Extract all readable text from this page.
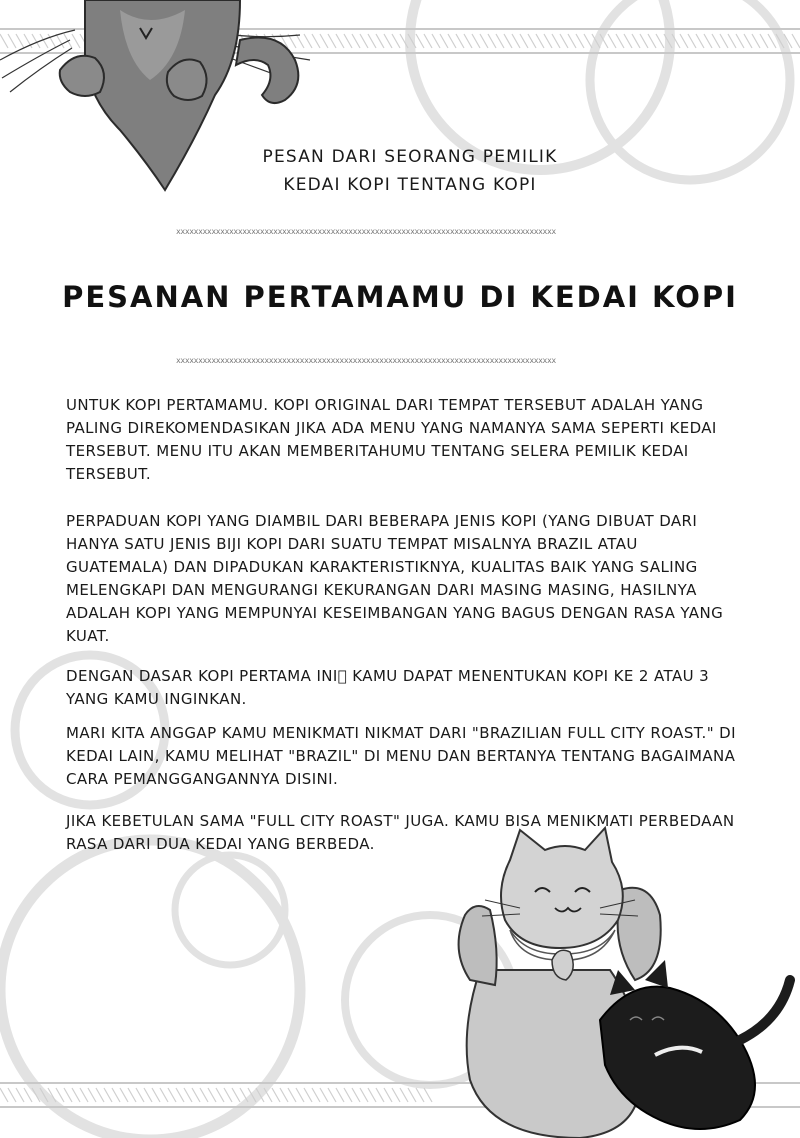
PESAN DARI SEORANG PEMILIK
KEDAI KOPI TENTANG KOPI
xxxxxxxxxxxxxxxxxxxxxxxxxxxxxxxxxxxxxxxxxxxxxxxxxxxxxxxxxxxxxxxxxxxxxxxxxxxxxxxxxxxxxx
PESANAN PERTAMAMU DI KEDAI KOPI
xxxxxxxxxxxxxxxxxxxxxxxxxxxxxxxxxxxxxxxxxxxxxxxxxxxxxxxxxxxxxxxxxxxxxxxxxxxxxxxxxxxxxx
UNTUK KOPI PERTAMAMU. KOPI ORIGINAL DARI TEMPAT TERSEBUT ADALAH YANG PALING DIREKOMENDASIKAN JIKA ADA MENU YANG NAMANYA SAMA SEPERTI KEDAI TERSEBUT. MENU ITU AKAN MEMBERITAHUMU TENTANG SELERA PEMILIK KEDAI TERSEBUT.
PERPADUAN KOPI YANG DIAMBIL DARI BEBERAPA JENIS KOPI (YANG DIBUAT DARI HANYA SATU JENIS BIJI KOPI DARI SUATU TEMPAT MISALNYA BRAZIL ATAU GUATEMALA) DAN DIPADUKAN KARAKTERISTIKNYA, KUALITAS BAIK YANG SALING MELENGKAPI DAN MENGURANGI KEKURANGAN DARI MASING MASING, HASILNYA ADALAH KOPI YANG MEMPUNYAI KESEIMBANGAN YANG BAGUS DENGAN RASA YANG KUAT.
DENGAN DASAR KOPI PERTAMA INI  KAMU DAPAT MENENTUKAN KOPI KE 2 ATAU 3 YANG KAMU INGINKAN.
MARI KITA ANGGAP KAMU MENIKMATI NIKMAT DARI "BRAZILIAN FULL CITY ROAST." DI KEDAI LAIN, KAMU MELIHAT "BRAZIL" DI MENU DAN BERTANYA TENTANG BAGAIMANA CARA PEMANGGANGANNYA DISINI.
JIKA KEBETULAN SAMA "FULL CITY ROAST" JUGA. KAMU BISA MENIKMATI PERBEDAAN RASA DARI DUA KEDAI YANG BERBEDA.
